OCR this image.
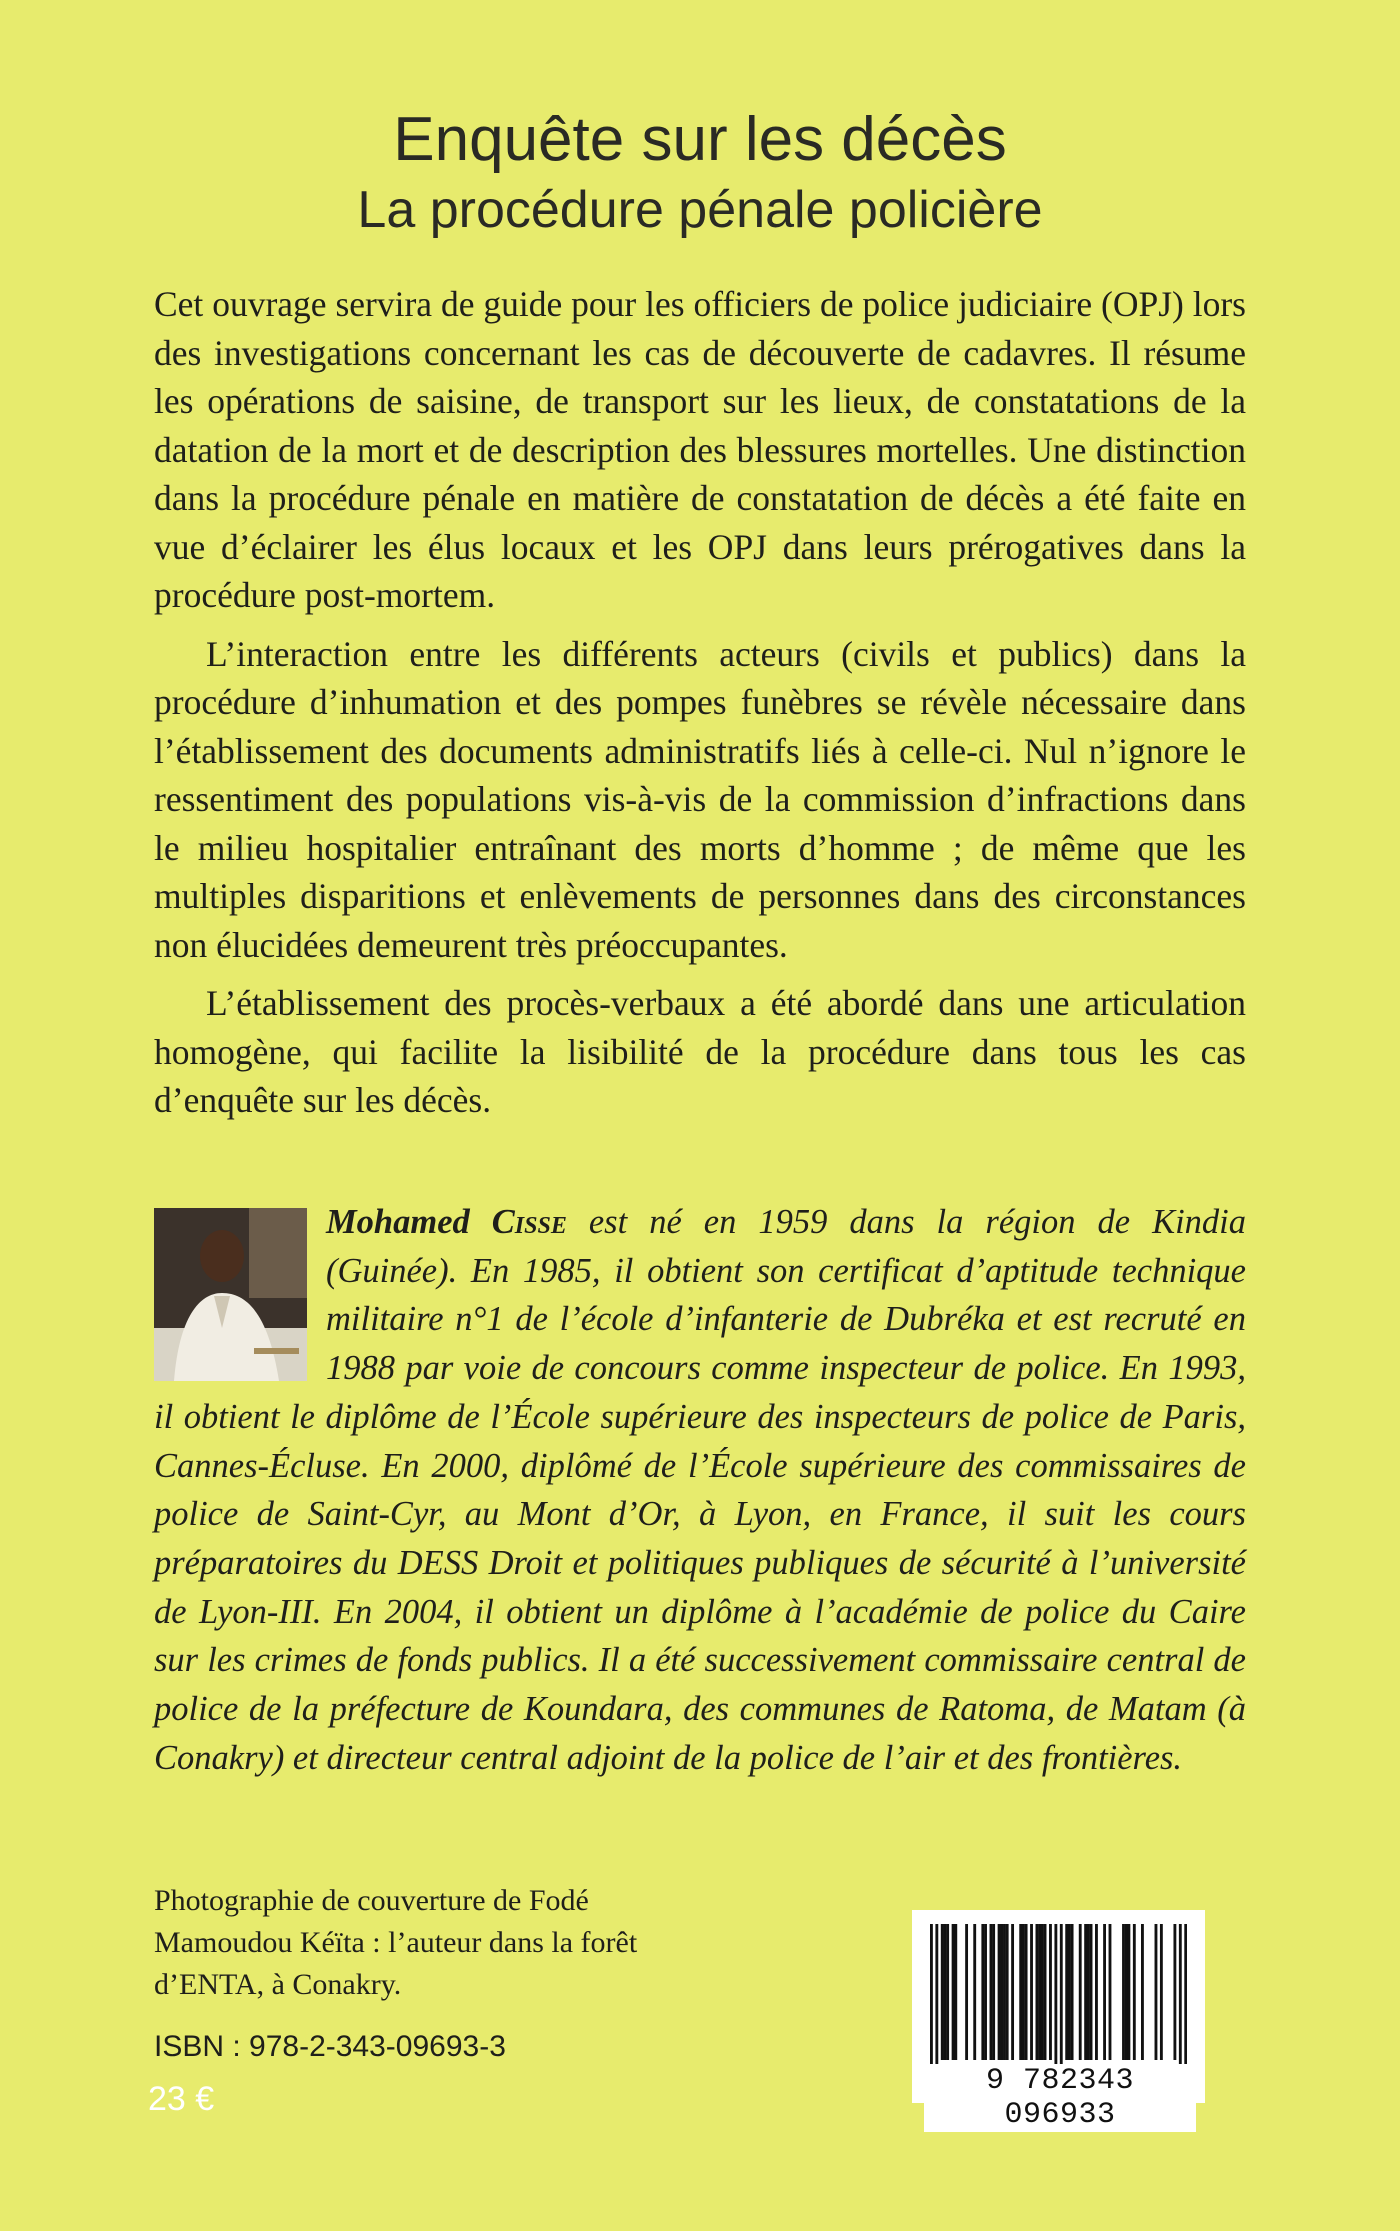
Enquête sur les décès
La procédure pénale policière

Cet ouvrage servira de guide pour les officiers de police judiciaire (OPJ) lors des investigations concernant les cas de découverte de cadavres. Il résume les opérations de saisine, de transport sur les lieux, de constatations de la datation de la mort et de description des blessures mortelles. Une distinction dans la procédure pénale en matière de constatation de décès a été faite en vue d’éclairer les élus locaux et les OPJ dans leurs prérogatives dans la procédure post-mortem.

L’interaction entre les différents acteurs (civils et publics) dans la procédure d’inhumation et des pompes funèbres se révèle nécessaire dans l’établissement des documents administratifs liés à celle-ci. Nul n’ignore le ressentiment des populations vis-à-vis de la commission d’infractions dans le milieu hospitalier entraînant des morts d’homme ; de même que les multiples disparitions et enlèvements de personnes dans des circonstances non élucidées demeurent très préoccupantes.

L’établissement des procès-verbaux a été abordé dans une articulation homogène, qui facilite la lisibilité de la procédure dans tous les cas d’enquête sur les décès.

Mohamed Cisse est né en 1959 dans la région de Kindia (Guinée). En 1985, il obtient son certificat d’aptitude technique militaire n°1 de l’école d’infanterie de Dubréka et est recruté en 1988 par voie de concours comme inspecteur de police. En 1993, il obtient le diplôme de l’École supérieure des inspecteurs de police de Paris, Cannes-Écluse. En 2000, diplômé de l’École supérieure des commissaires de police de Saint-Cyr, au Mont d’Or, à Lyon, en France, il suit les cours préparatoires du DESS Droit et politiques publiques de sécurité à l’université de Lyon-III. En 2004, il obtient un diplôme à l’académie de police du Caire sur les crimes de fonds publics. Il a été successivement commissaire central de police de la préfecture de Koundara, des communes de Ratoma, de Matam (à Conakry) et directeur central adjoint de la police de l’air et des frontières.
Photographie de couverture de Fodé Mamoudou Kéïta : l’auteur dans la forêt d’ENTA, à Conakry.
ISBN : 978-2-343-09693-3
23 €	9 782343 096933
